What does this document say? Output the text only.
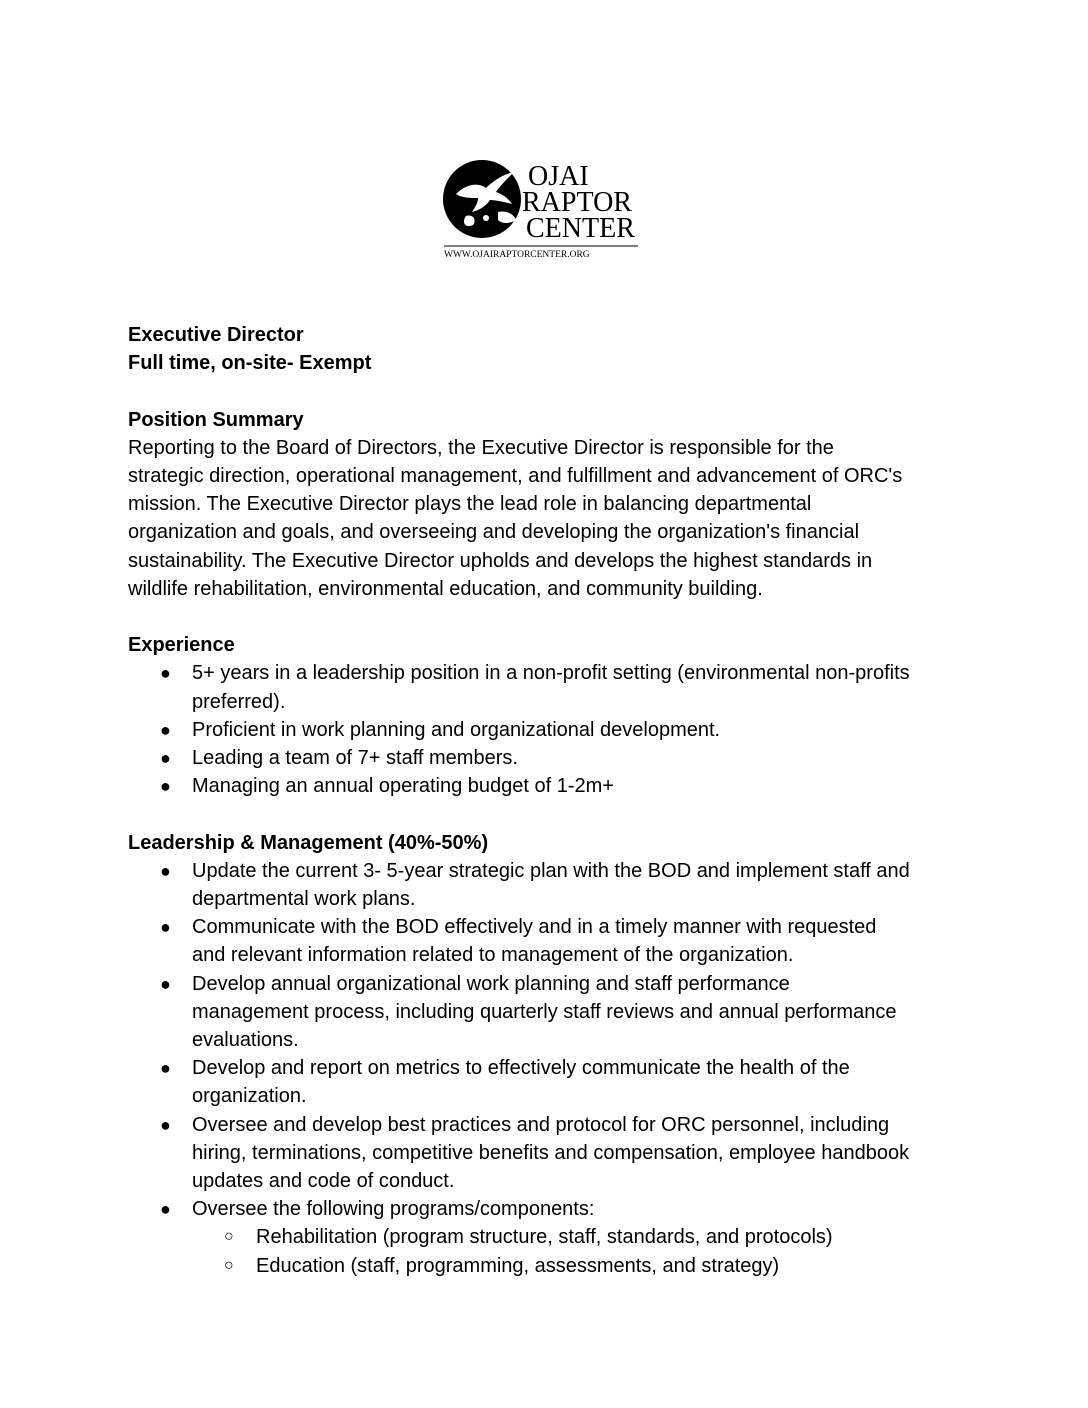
OJAI
RAPTOR
CENTER
WWW.OJAIRAPTORCENTER.ORG

Executive Director

Full time, on-site- Exempt

Position Summary

Reporting to the Board of Directors, the Executive Director is responsible for the
strategic direction, operational management, and fulfillment and advancement of ORC's
mission. The Executive Director plays the lead role in balancing departmental
organization and goals, and overseeing and developing the organization's financial
sustainability. The Executive Director upholds and develops the highest standards in
wildlife rehabilitation, environmental education, and community building.

Experience

● 5+ years in a leadership position in a non-profit setting (environmental non-profits
preferred).
● Proficient in work planning and organizational development.
● Leading a team of 7+ staff members.
● Managing an annual operating budget of 1-2m+

Leadership & Management (40%-50%)

● Update the current 3- 5-year strategic plan with the BOD and implement staff and
departmental work plans.
● Communicate with the BOD effectively and in a timely manner with requested
and relevant information related to management of the organization.
● Develop annual organizational work planning and staff performance
management process, including quarterly staff reviews and annual performance
evaluations.
● Develop and report on metrics to effectively communicate the health of the
organization.
● Oversee and develop best practices and protocol for ORC personnel, including
hiring, terminations, competitive benefits and compensation, employee handbook
updates and code of conduct.
● Oversee the following programs/components:
○ Rehabilitation (program structure, staff, standards, and protocols)
○ Education (staff, programming, assessments, and strategy)
